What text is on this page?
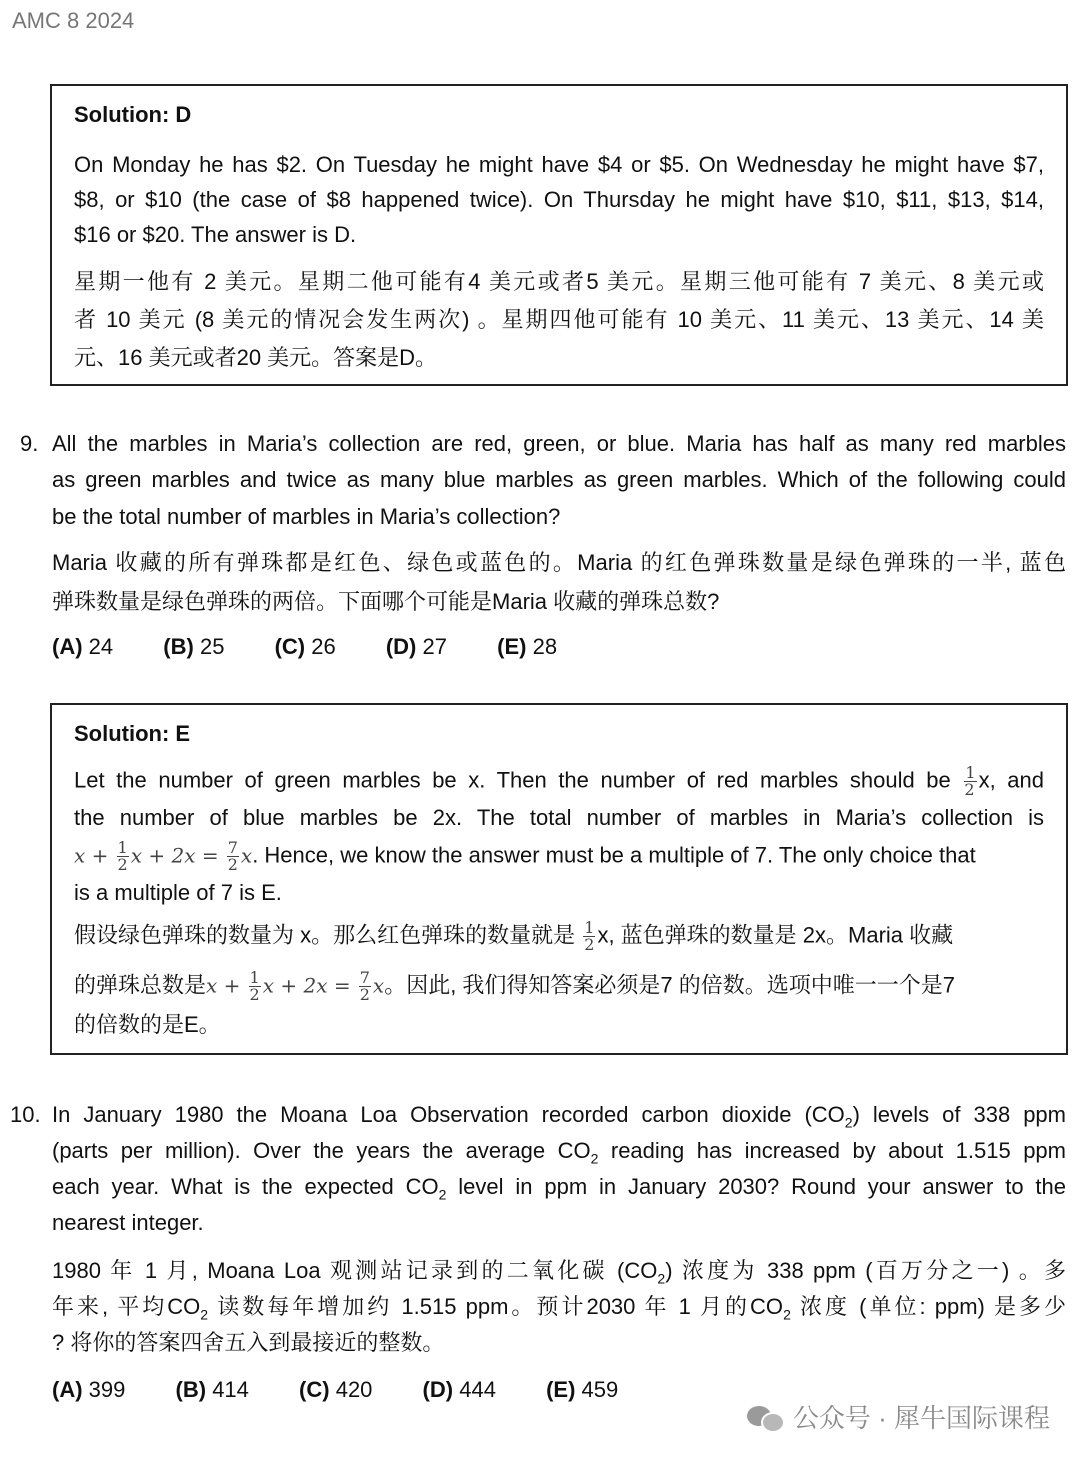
AMC 8 2024
Solution: D
On Monday he has $2. On Tuesday he might have $4 or $5. On Wednesday he might have $7,
$8, or $10 (the case of $8 happened twice). On Thursday he might have $10, $11, $13, $14,
$16 or $20. The answer is D.
星期一他有 2 美元。星期二他可能有4 美元或者5 美元。星期三他可能有 7 美元、8 美元或
者 10 美元 (8 美元的情况会发生两次) 。星期四他可能有 10 美元、11 美元、13 美元、14 美
元、16 美元或者20 美元。答案是D。
9. All the marbles in Maria’s collection are red, green, or blue. Maria has half as many red marbles
as green marbles and twice as many blue marbles as green marbles. Which of the following could
be the total number of marbles in Maria’s collection?
Maria 收藏的所有弹珠都是红色、绿色或蓝色的。Maria 的红色弹珠数量是绿色弹珠的一半, 蓝色
弹珠数量是绿色弹珠的两倍。下面哪个可能是Maria 收藏的弹珠总数?
(A) 24 (B) 25 (C) 26 (D) 27 (E) 28
Solution: E
Let the number of green marbles be x. Then the number of red marbles should be $\frac{1}{2} x$, and
the number of blue marbles be 2x. The total number of marbles in Maria’s collection is
$x + \frac{1}{2}$ $x + 2x = \frac{7}{2} x$. Hence, we know the answer must be a multiple of 7. The only choice that
is a multiple of 7 is E.
假设绿色弹珠的数量为 x。那么红色弹珠的数量就是 $\frac{1}{2} x$, 蓝色弹珠的数量是 2x。Maria 收藏
的弹珠总数是$x + \frac{1}{2}$ $x + 2x = \frac{7}{2}$ x。因此, 我们得知答案必须是7 的倍数。选项中唯一一个是7
的倍数的是E。
10. In January 1980 the Moana Loa Observation recorded carbon dioxide $(CO_2)$ levels of 338 ppm
(parts per million). Over the years the average $CO_2$ reading has increased by about 1.515 ppm
each year. What is the expected $CO_2$ level in ppm in January 2030? Round your answer to the
nearest integer.
1980 年 1 月, Moana Loa 观测站记录到的二氧化碳 $(CO_2)$ 浓度为 338 ppm (百万分之一) 。多
年来, 平均$CO_2$ 读数每年增加约 1.515 ppm。预计2030 年 1 月的$CO_2$ 浓度 (单位: ppm) 是多少
? 将你的答案四舍五入到最接近的整数。
(A) 399 (B) 414 (C) 420 (D) 444 (E) 459
公众号 · 犀牛国际课程
